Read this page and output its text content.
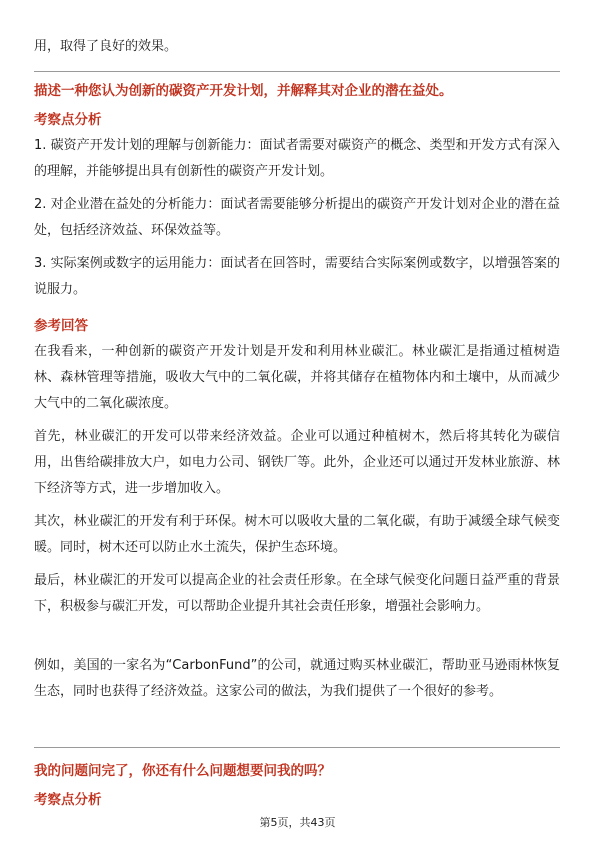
用，取得了良好的效果。
描述一种您认为创新的碳资产开发计划，并解释其对企业的潜在益处。
考察点分析
1. 碳资产开发计划的理解与创新能力：面试者需要对碳资产的概念、类型和开发方式有深入的理解，并能够提出具有创新性的碳资产开发计划。
2. 对企业潜在益处的分析能力：面试者需要能够分析提出的碳资产开发计划对企业的潜在益处，包括经济效益、环保效益等。
3. 实际案例或数字的运用能力：面试者在回答时，需要结合实际案例或数字，以增强答案的说服力。
参考回答
在我看来，一种创新的碳资产开发计划是开发和利用林业碳汇。林业碳汇是指通过植树造林、森林管理等措施，吸收大气中的二氧化碳，并将其储存在植物体内和土壤中，从而减少大气中的二氧化碳浓度。
首先，林业碳汇的开发可以带来经济效益。企业可以通过种植树木，然后将其转化为碳信用，出售给碳排放大户，如电力公司、钢铁厂等。此外，企业还可以通过开发林业旅游、林下经济等方式，进一步增加收入。
其次，林业碳汇的开发有利于环保。树木可以吸收大量的二氧化碳，有助于减缓全球气候变暖。同时，树木还可以防止水土流失，保护生态环境。
最后，林业碳汇的开发可以提高企业的社会责任形象。在全球气候变化问题日益严重的背景下，积极参与碳汇开发，可以帮助企业提升其社会责任形象，增强社会影响力。
例如，美国的一家名为“CarbonFund”的公司，就通过购买林业碳汇，帮助亚马逊雨林恢复生态，同时也获得了经济效益。这家公司的做法，为我们提供了一个很好的参考。
我的问题问完了，你还有什么问题想要问我的吗？
考察点分析
第5页，共43页
